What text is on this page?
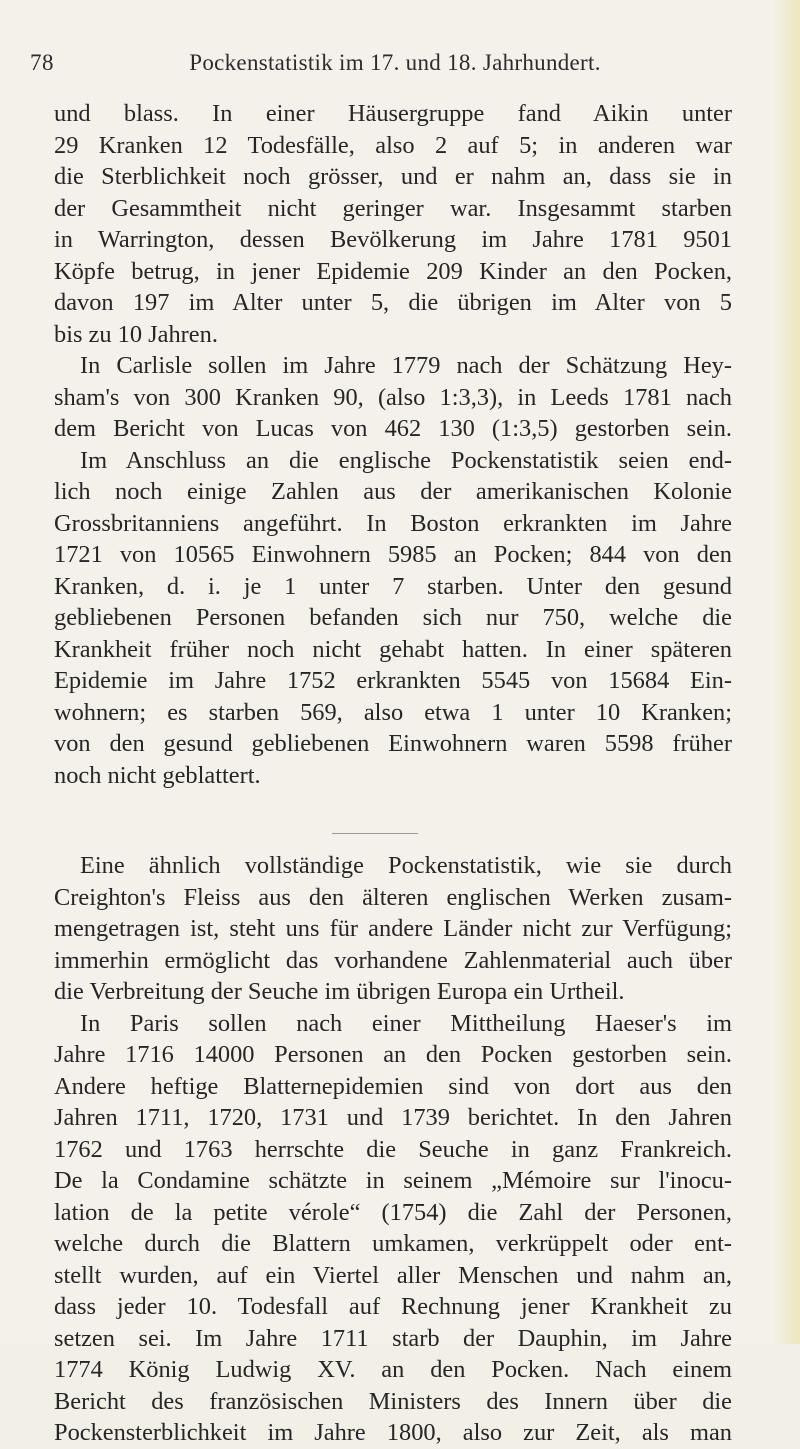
78	Pockenstatistik im 17. und 18. Jahrhundert.
und blass. In einer Häusergruppe fand Aikin unter
29 Kranken 12 Todesfälle, also 2 auf 5; in anderen war
die Sterblichkeit noch grösser, und er nahm an, dass sie in
der Gesammtheit nicht geringer war. Insgesammt starben
in Warrington, dessen Bevölkerung im Jahre 1781 9501
Köpfe betrug, in jener Epidemie 209 Kinder an den Pocken,
davon 197 im Alter unter 5, die übrigen im Alter von 5
bis zu 10 Jahren.
In Carlisle sollen im Jahre 1779 nach der Schätzung Hey-
sham's von 300 Kranken 90, (also 1:3,3), in Leeds 1781 nach
dem Bericht von Lucas von 462 130 (1:3,5) gestorben sein.
Im Anschluss an die englische Pockenstatistik seien end-
lich noch einige Zahlen aus der amerikanischen Kolonie
Grossbritanniens angeführt. In Boston erkrankten im Jahre
1721 von 10565 Einwohnern 5985 an Pocken; 844 von den
Kranken, d. i. je 1 unter 7 starben. Unter den gesund
gebliebenen Personen befanden sich nur 750, welche die
Krankheit früher noch nicht gehabt hatten. In einer späteren
Epidemie im Jahre 1752 erkrankten 5545 von 15684 Ein-
wohnern; es starben 569, also etwa 1 unter 10 Kranken;
von den gesund gebliebenen Einwohnern waren 5598 früher
noch nicht geblattert.
Eine ähnlich vollständige Pockenstatistik, wie sie durch
Creighton's Fleiss aus den älteren englischen Werken zusam-
mengetragen ist, steht uns für andere Länder nicht zur Verfügung;
immerhin ermöglicht das vorhandene Zahlenmaterial auch über
die Verbreitung der Seuche im übrigen Europa ein Urtheil.
In Paris sollen nach einer Mittheilung Haeser's im
Jahre 1716 14000 Personen an den Pocken gestorben sein.
Andere heftige Blatternepidemien sind von dort aus den
Jahren 1711, 1720, 1731 und 1739 berichtet. In den Jahren
1762 und 1763 herrschte die Seuche in ganz Frankreich.
De la Condamine schätzte in seinem „Mémoire sur l'inocu-
lation de la petite vérole“ (1754) die Zahl der Personen,
welche durch die Blattern umkamen, verkrüppelt oder ent-
stellt wurden, auf ein Viertel aller Menschen und nahm an,
dass jeder 10. Todesfall auf Rechnung jener Krankheit zu
setzen sei. Im Jahre 1711 starb der Dauphin, im Jahre
1774 König Ludwig XV. an den Pocken. Nach einem
Bericht des französischen Ministers des Innern über die
Pockensterblichkeit im Jahre 1800, also zur Zeit, als man
